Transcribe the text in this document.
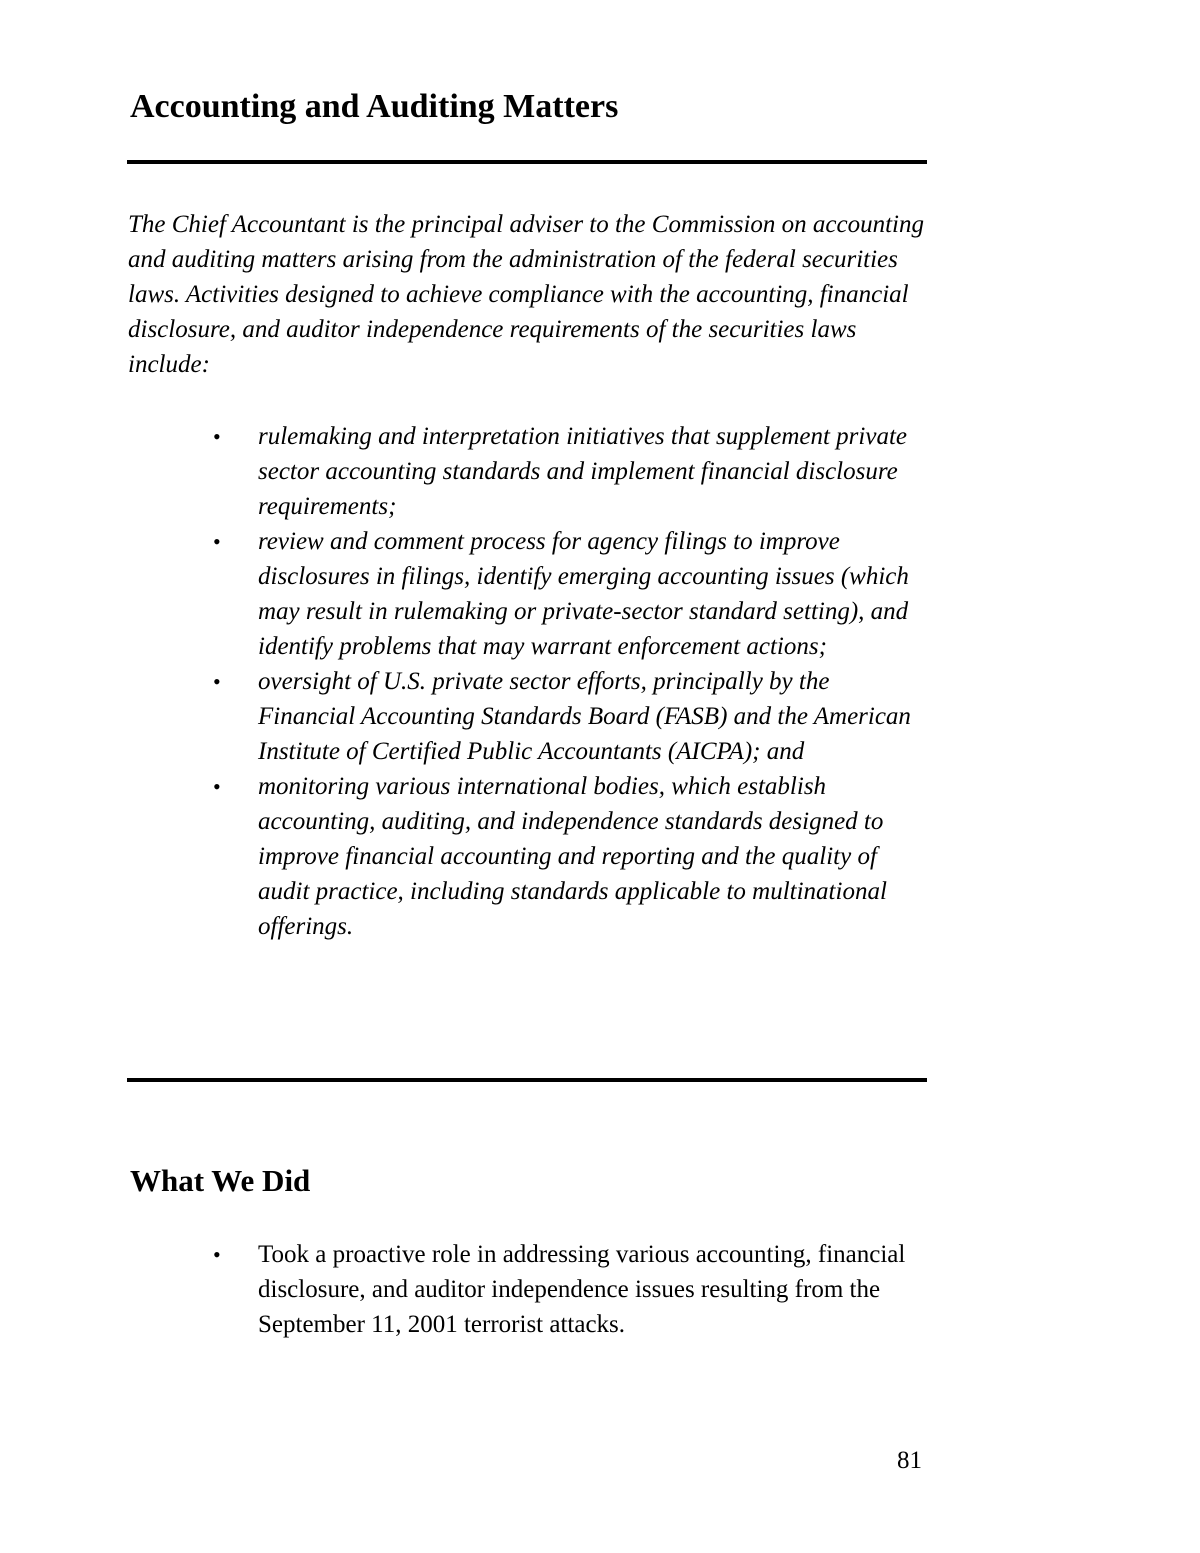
Accounting and Auditing Matters

The Chief Accountant is the principal adviser to the Commission on accounting and auditing matters arising from the administration of the federal securities laws. Activities designed to achieve compliance with the accounting, financial disclosure, and auditor independence requirements of the securities laws include:

• rulemaking and interpretation initiatives that supplement private sector accounting standards and implement financial disclosure requirements;
• review and comment process for agency filings to improve disclosures in filings, identify emerging accounting issues (which may result in rulemaking or private-sector standard setting), and identify problems that may warrant enforcement actions;
• oversight of U.S. private sector efforts, principally by the Financial Accounting Standards Board (FASB) and the American Institute of Certified Public Accountants (AICPA); and
• monitoring various international bodies, which establish accounting, auditing, and independence standards designed to improve financial accounting and reporting and the quality of audit practice, including standards applicable to multinational offerings.
What We Did
• Took a proactive role in addressing various accounting, financial disclosure, and auditor independence issues resulting from the September 11, 2001 terrorist attacks.
81
